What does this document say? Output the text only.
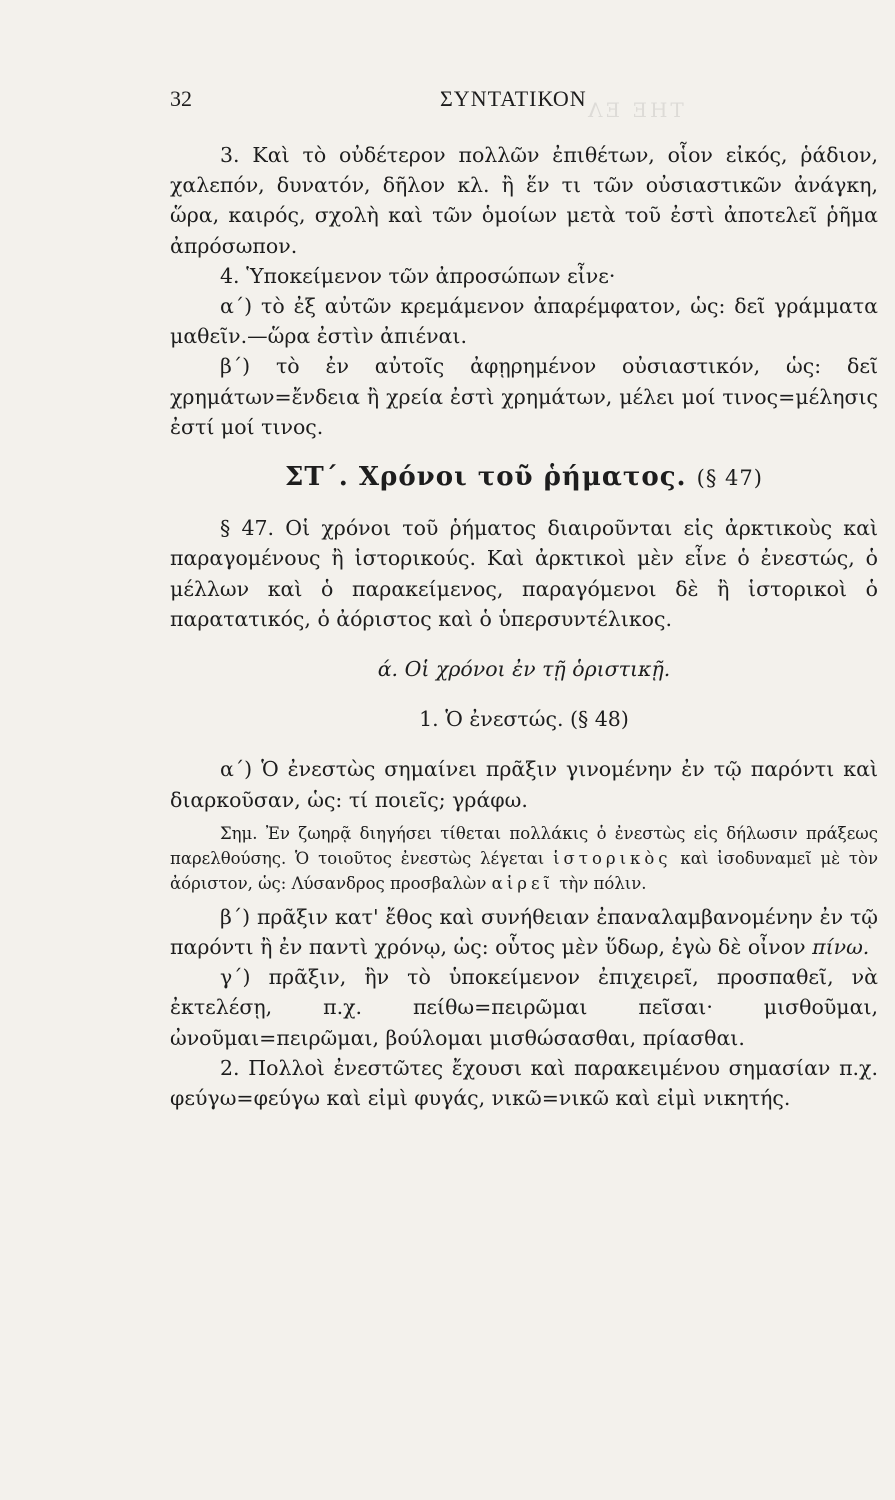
THE ΕΛ
32	ΣΥΝΤΑΤΙΚΟΝ

3. Καὶ τὸ οὐδέτερον πολλῶν ἐπιθέτων, οἷον εἰκός, ῥάδιον, χαλεπόν, δυνατόν, δῆλον κλ. ἢ ἕν τι τῶν οὐσιαστικῶν ἀνάγκη, ὥρα, καιρός, σχολὴ καὶ τῶν ὁμοίων μετὰ τοῦ ἐστὶ ἀποτελεῖ ῥῆμα ἀπρόσωπον.

4. Ὑποκείμενον τῶν ἀπροσώπων εἶνε·

α΄) τὸ ἐξ αὐτῶν κρεμάμενον ἀπαρέμφατον, ὡς: δεῖ γράμματα μαθεῖν.—ὥρα ἐστὶν ἀπιέναι.

β΄) τὸ ἐν αὐτοῖς ἀφῃρημένον οὐσιαστικόν, ὡς: δεῖ χρημάτων=ἔνδεια ἢ χρεία ἐστὶ χρημάτων, μέλει μοί τινος=μέλησις ἐστί μοί τινος.

ΣΤ΄. Χρόνοι τοῦ ῥήματος. (§ 47)

§ 47. Οἱ χρόνοι τοῦ ῥήματος διαιροῦνται εἰς ἀρκτικοὺς καὶ παραγομένους ἢ ἱστορικούς. Καὶ ἀρκτικοὶ μὲν εἶνε ὁ ἐνεστώς, ὁ μέλλων καὶ ὁ παρακείμενος, παραγόμενοι δὲ ἢ ἱστορικοὶ ὁ παρατατικός, ὁ ἀόριστος καὶ ὁ ὑπερσυντέλικος.

ά. Οἱ χρόνοι ἐν τῇ ὁριστικῇ.
1. Ὁ ἐνεστώς. (§ 48)

α΄) Ὁ ἐνεστὼς σημαίνει πρᾶξιν γινομένην ἐν τῷ παρόντι καὶ διαρκοῦσαν, ὡς: τί ποιεῖς; γράφω.

Σημ. Ἐν ζωηρᾷ διηγήσει τίθεται πολλάκις ὁ ἐνεστὼς εἰς δήλωσιν πράξεως παρελθούσης. Ὁ τοιοῦτος ἐνεστὼς λέγεται ἱστορικὸς καὶ ἰσοδυναμεῖ μὲ τὸν ἀόριστον, ὡς: Λύσανδρος προσβαλὼν αἱρεῖ τὴν πόλιν.

β΄) πρᾶξιν κατ' ἔθος καὶ συνήθειαν ἐπαναλαμβανομένην ἐν τῷ παρόντι ἢ ἐν παντὶ χρόνῳ, ὡς: οὗτος μὲν ὕδωρ, ἐγὼ δὲ οἶνον πίνω.

γ΄) πρᾶξιν, ἣν τὸ ὑποκείμενον ἐπιχειρεῖ, προσπαθεῖ, νὰ ἐκτελέσῃ, π.χ. πείθω=πειρῶμαι πεῖσαι· μισθοῦμαι, ὠνοῦμαι=πειρῶμαι, βούλομαι μισθώσασθαι, πρίασθαι.

2. Πολλοὶ ἐνεστῶτες ἔχουσι καὶ παρακειμένου σημασίαν π.χ. φεύγω=φεύγω καὶ εἰμὶ φυγάς, νικῶ=νικῶ καὶ εἰμὶ νικητής.
